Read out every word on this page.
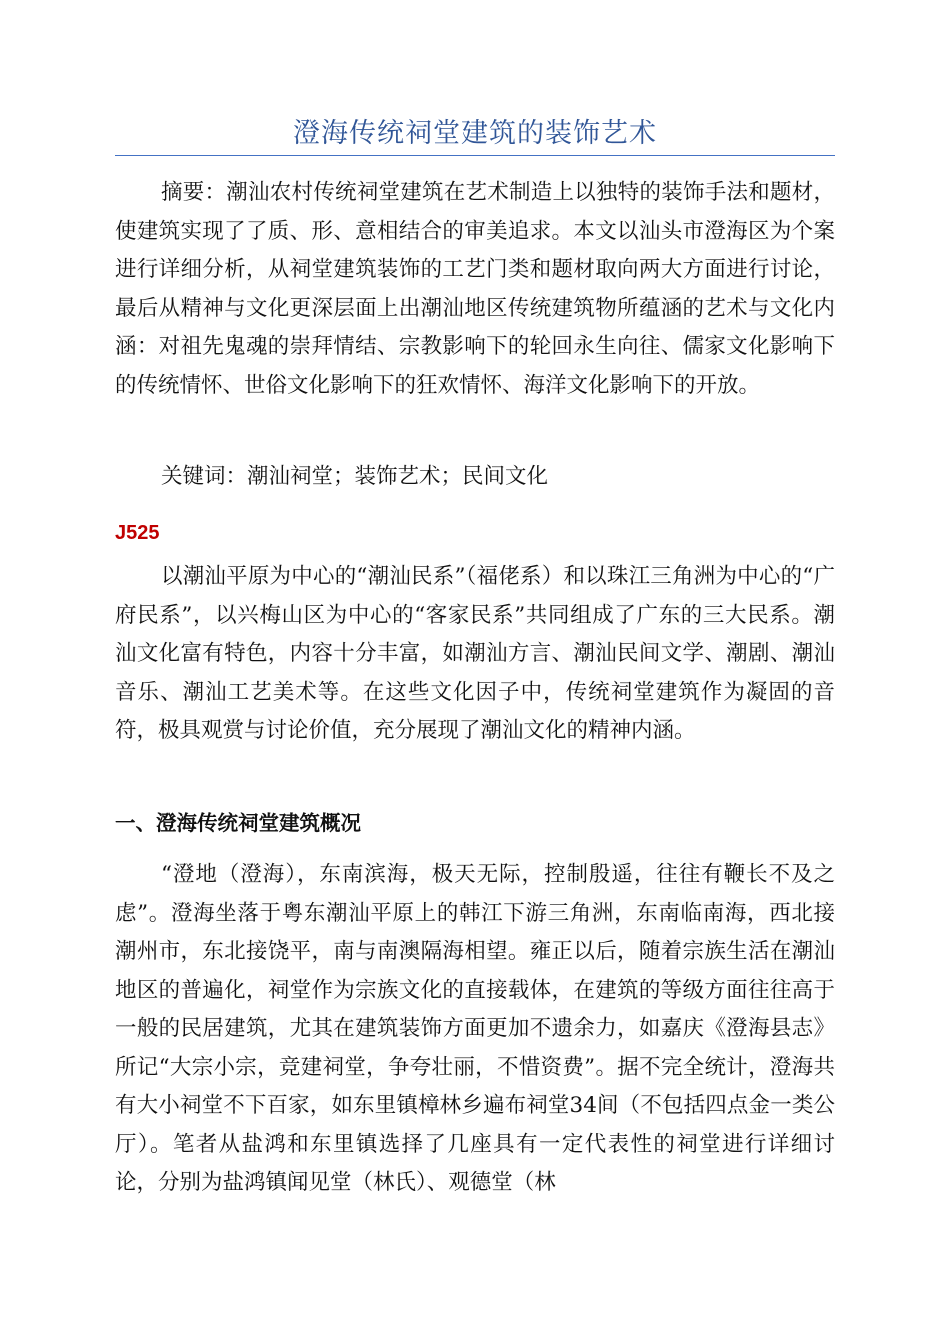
澄海传统祠堂建筑的装饰艺术

摘要：潮汕农村传统祠堂建筑在艺术制造上以独特的装饰手法和题材，使建筑实现了了质、形、意相结合的审美追求。本文以汕头市澄海区为个案进行详细分析，从祠堂建筑装饰的工艺门类和题材取向两大方面进行讨论，最后从精神与文化更深层面上出潮汕地区传统建筑物所蕴涵的艺术与文化内涵：对祖先鬼魂的崇拜情结、宗教影响下的轮回永生向往、儒家文化影响下的传统情怀、世俗文化影响下的狂欢情怀、海洋文化影响下的开放。

关键词：潮汕祠堂；装饰艺术；民间文化

J525

以潮汕平原为中心的“潮汕民系”（福佬系）和以珠江三角洲为中心的“广府民系”，以兴梅山区为中心的“客家民系”共同组成了广东的三大民系。潮汕文化富有特色，内容十分丰富，如潮汕方言、潮汕民间文学、潮剧、潮汕音乐、潮汕工艺美术等。在这些文化因子中，传统祠堂建筑作为凝固的音符，极具观赏与讨论价值，充分展现了潮汕文化的精神内涵。

一、澄海传统祠堂建筑概况

“澄地（澄海），东南滨海，极天无际，控制殷遥，往往有鞭长不及之虑”。澄海坐落于粤东潮汕平原上的韩江下游三角洲，东南临南海，西北接潮州市，东北接饶平，南与南澳隔海相望。雍正以后，随着宗族生活在潮汕地区的普遍化，祠堂作为宗族文化的直接载体，在建筑的等级方面往往高于一般的民居建筑，尤其在建筑装饰方面更加不遗余力，如嘉庆《澄海县志》所记“大宗小宗，竞建祠堂，争夸壮丽，不惜资费”。据不完全统计，澄海共有大小祠堂不下百家，如东里镇樟林乡遍布祠堂34间（不包括四点金一类公厅）。笔者从盐鸿和东里镇选择了几座具有一定代表性的祠堂进行详细讨论，分别为盐鸿镇闻见堂（林氏）、观德堂（林
